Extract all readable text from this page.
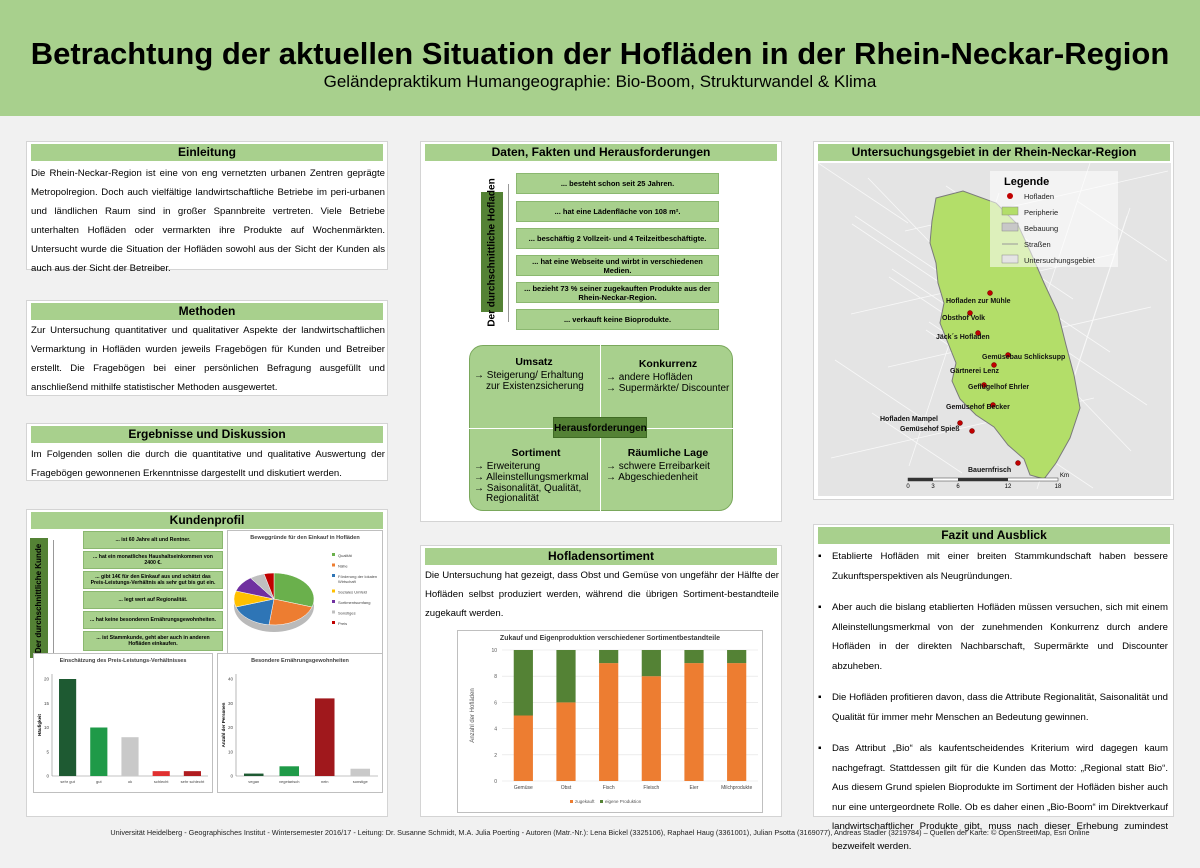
Betrachtung der aktuellen Situation der Hofläden in der Rhein-Neckar-Region
Geländepraktikum Humangeographie: Bio-Boom, Strukturwandel & Klima
Einleitung
Die Rhein-Neckar-Region ist eine von eng vernetzten urbanen Zentren geprägte Metropolregion. Doch auch vielfältige landwirtschaftliche Betriebe im peri-urbanen und ländlichen Raum sind in großer Spannbreite vertreten. Viele Betriebe unterhalten Hofläden oder vermarkten ihre Produkte auf Wochenmärkten. Untersucht wurde die Situation der Hofläden sowohl aus der Sicht der Kunden als auch aus der Sicht der Betreiber.
Methoden
Zur Untersuchung quantitativer und qualitativer Aspekte der landwirtschaftlichen Vermarktung in Hofläden wurden jeweils Fragebögen für Kunden und Betreiber erstellt. Die Fragebögen bei einer persönlichen Befragung ausgefüllt und anschließend mithilfe statistischer Methoden ausgewertet.
Ergebnisse und Diskussion
Im Folgenden sollen die durch die quantitative und qualitative Auswertung der Fragebögen gewonnenen Erkenntnisse dargestellt und diskutiert werden.
Kundenprofil
Der durchschnittliche Kunde
... ist 60 Jahre alt und Rentner.
... hat ein monatliches Haushaltseinkommen von 2400 €.
... gibt 14€ für den Einkauf aus und schätzt das Preis-Leistungs-Verhältnis als sehr gut bis gut ein.
... legt wert auf Regionalität.
... hat keine besonderen Ernährungsgewohnheiten.
... ist Stammkunde, geht aber auch in anderen Hofläden einkaufen.
Beweggründe für den Einkauf in Hofläden
Qualität
Nähe
Förderung der lokalen
Wirtschaft
Soziales Umfeld
Sortimentsumfang
Sonstiges
Preis
Einschätzung des Preis-Leistungs-Verhältnisses
0
5
10
15
20
Häufigkeit
sehr gut	gut	ok	schlecht	sehr schlecht
Besondere Ernährungsgewohnheiten
0
10
20
30
40
Anzahl der Personen
vegan	vegetarisch	nein	sonstige
Daten, Fakten und Herausforderungen
Der durchschnittliche Hofladen	... besteht schon seit 25 Jahren.
... hat eine Lädenfläche von 108 m².
... beschäftig 2 Vollzeit- und 4 Teilzeitbeschäftigte.
... hat eine Webseite und wirbt in verschiedenen Medien.
... bezieht 73 % seiner zugekauften Produkte aus der Rhein-Neckar-Region.
... verkauft keine Bioprodukte.
Herausforderungen
Umsatz
→ Steigerung/ Erhaltung
zur Existenzsicherung
Konkurrenz
→ andere Hofläden
→ Supermärkte/ Discounter
Sortiment
→ Erweiterung
→ Alleinstellungsmerkmal
→ Saisonalität, Qualität,
Regionalität
Räumliche Lage
→ schwere Erreibarkeit
→ Abgeschiedenheit
Hofladensortiment
Die Untersuchung hat gezeigt, dass Obst und Gemüse von ungefähr der Hälfte der Hofläden selbst produziert werden, während die übrigen Sortiment-bestandteile zugekauft werden.
Zukauf und Eigenproduktion verschiedener Sortimentbestandteile
0
2
4
6
8
10
Anzahl der Hofläden
Gemüse	Obst	Fisch	Fleisch	Eier	Milchprodukte
zugekauft eigene Produktion
Untersuchungsgebiet in der Rhein-Neckar-Region
Hofladen zur Mühle
Obsthof Volk
Jäck´s Hofladen
Gemüsebau Schlicksupp
Gärtnerei Lenz
Geflügelhof Ehrler
Gemüsehof Becker
Hofladen Mampel
Gemüsehof Spieß
Bauernfrisch
Legende
Hofladen
Peripherie
Bebauung
Straßen
Untersuchungsgebiet
0	3	6	12	18
Km
Fazit und Ausblick
▪ Etablierte Hofläden mit einer breiten Stammkundschaft haben bessere Zukunftsperspektiven als Neugründungen.
▪ Aber auch die bislang etablierten Hofläden müssen versuchen, sich mit einem Alleinstellungsmerkmal von der zunehmenden Konkurrenz durch andere Hofläden in der direkten Nachbarschaft, Supermärkte und Discounter abzuheben.
▪ Die Hofläden profitieren davon, dass die Attribute Regionalität, Saisonalität und Qualität für immer mehr Menschen an Bedeutung gewinnen.
▪ Das Attribut „Bio“ als kaufentscheidendes Kriterium wird dagegen kaum nachgefragt. Stattdessen gilt für die Kunden das Motto: „Regional statt Bio“. Aus diesem Grund spielen Bioprodukte im Sortiment der Hofläden bisher auch nur eine untergeordnete Rolle. Ob es daher einen „Bio-Boom“ im Direktverkauf landwirtschaftlicher Produkte gibt, muss nach dieser Erhebung zumindest bezweifelt werden.
Universität Heidelberg - Geographisches Institut - Wintersemester 2016/17 - Leitung: Dr. Susanne Schmidt, M.A. Julia Poerting - Autoren (Matr.-Nr.): Lena Bickel (3325106), Raphael Haug (3361001), Julian Psotta (3169077), Andreas Stadler (3219784) – Quellen der Karte: © OpenStreetMap, Esri Online
